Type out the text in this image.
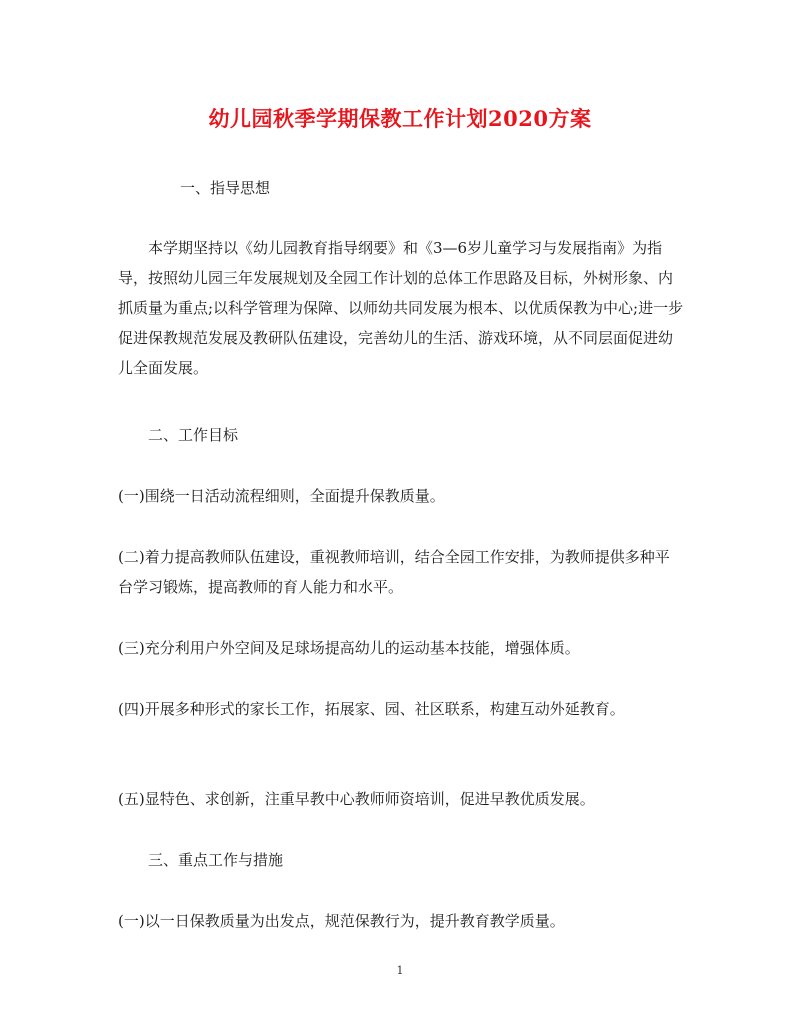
幼儿园秋季学期保教工作计划2020方案

一、指导思想

本学期坚持以《幼儿园教育指导纲要》和《3—6岁儿童学习与发展指南》为指导，按照幼儿园三年发展规划及全园工作计划的总体工作思路及目标，外树形象、内抓质量为重点;以科学管理为保障、以师幼共同发展为根本、以优质保教为中心;进一步促进保教规范发展及教研队伍建设，完善幼儿的生活、游戏环境，从不同层面促进幼儿全面发展。

二、工作目标

(一)围绕一日活动流程细则，全面提升保教质量。

(二)着力提高教师队伍建设，重视教师培训，结合全园工作安排，为教师提供多种平台学习锻炼，提高教师的育人能力和水平。

(三)充分利用户外空间及足球场提高幼儿的运动基本技能，增强体质。

(四)开展多种形式的家长工作，拓展家、园、社区联系，构建互动外延教育。

(五)显特色、求创新，注重早教中心教师师资培训，促进早教优质发展。

三、重点工作与措施

(一)以一日保教质量为出发点，规范保教行为，提升教育教学质量。

1
